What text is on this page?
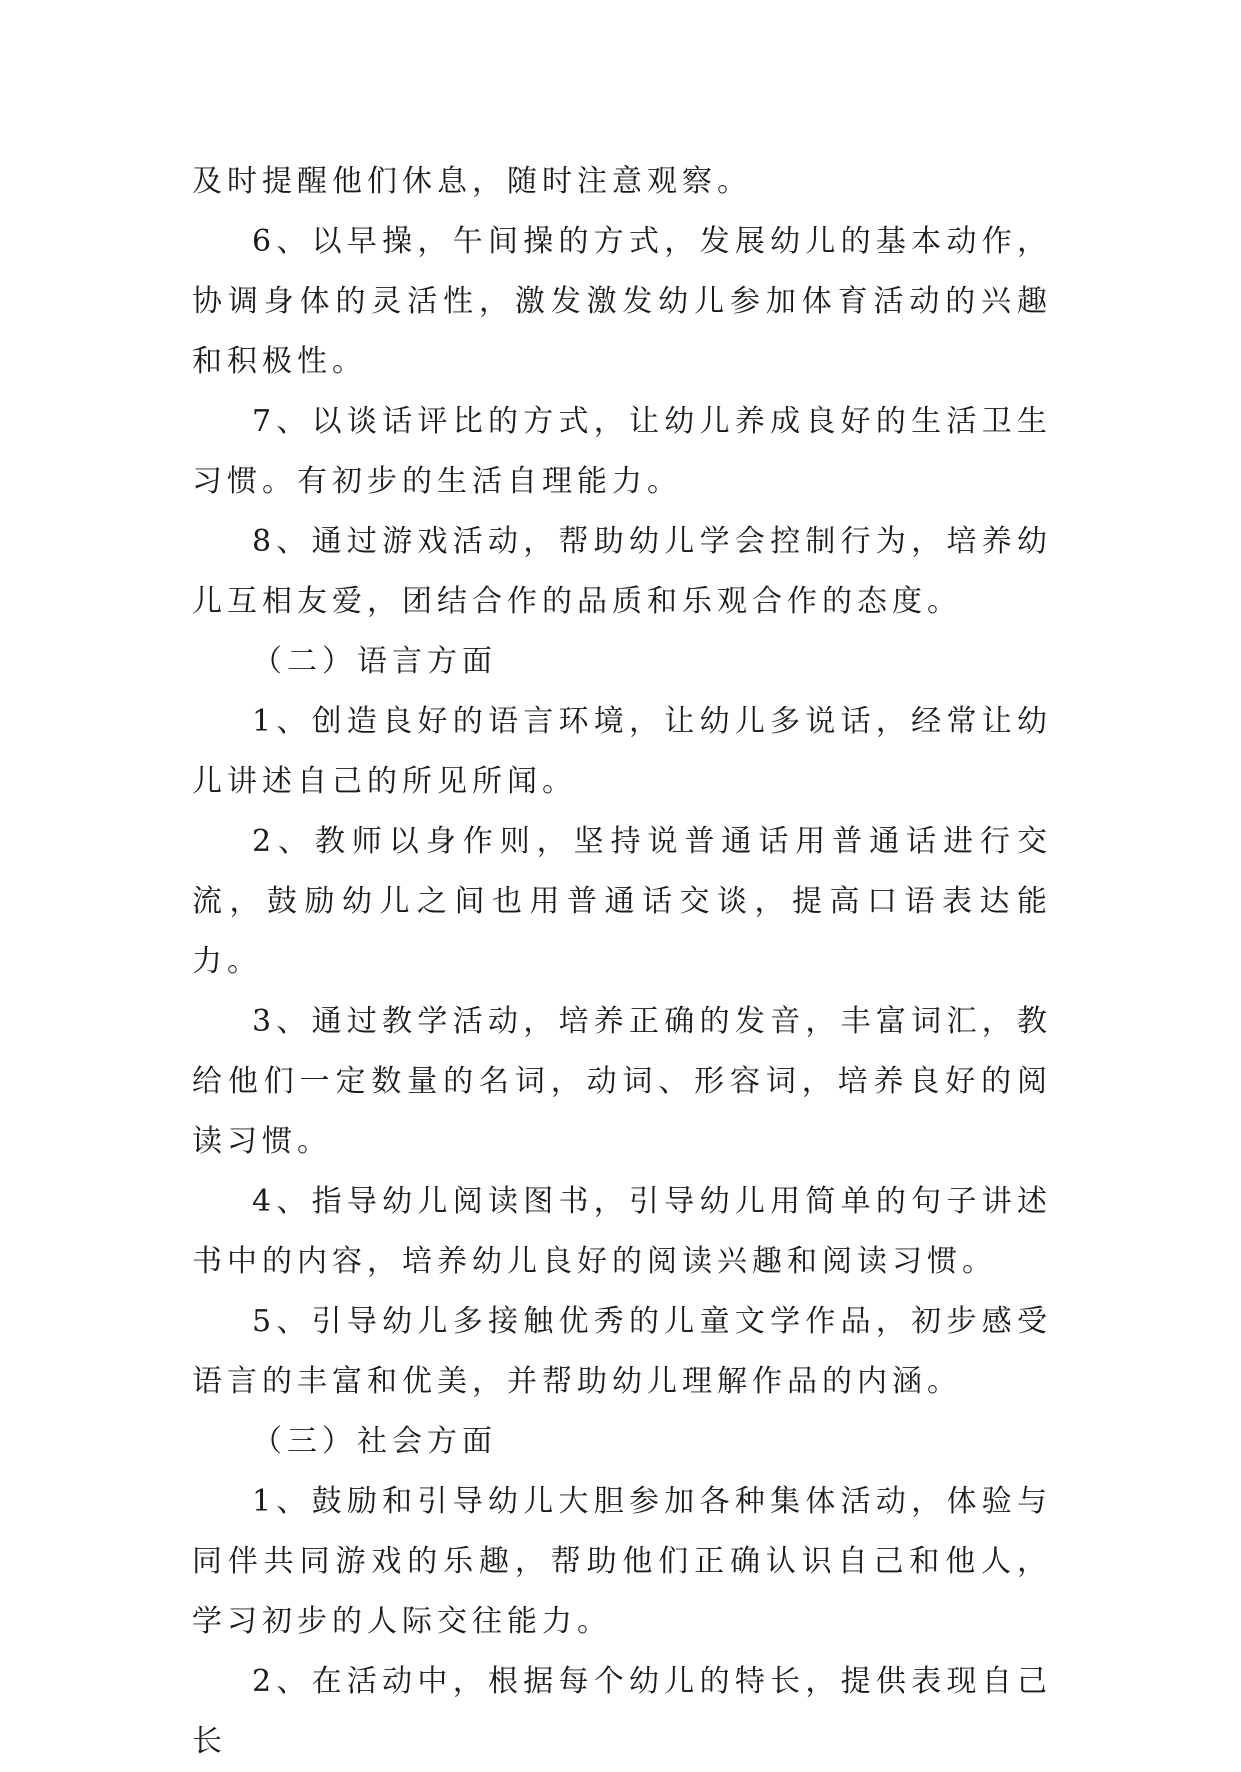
及时提醒他们休息，随时注意观察。

6、以早操，午间操的方式，发展幼儿的基本动作，协调身体的灵活性，激发激发幼儿参加体育活动的兴趣和积极性。

7、以谈话评比的方式，让幼儿养成良好的生活卫生习惯。有初步的生活自理能力。

8、通过游戏活动，帮助幼儿学会控制行为，培养幼儿互相友爱，团结合作的品质和乐观合作的态度。

（二）语言方面

1、创造良好的语言环境，让幼儿多说话，经常让幼儿讲述自己的所见所闻。

2、教师以身作则，坚持说普通话用普通话进行交流，鼓励幼儿之间也用普通话交谈，提高口语表达能力。

3、通过教学活动，培养正确的发音，丰富词汇，教给他们一定数量的名词，动词、形容词，培养良好的阅读习惯。

4、指导幼儿阅读图书，引导幼儿用简单的句子讲述书中的内容，培养幼儿良好的阅读兴趣和阅读习惯。

5、引导幼儿多接触优秀的儿童文学作品，初步感受语言的丰富和优美，并帮助幼儿理解作品的内涵。

（三）社会方面

1、鼓励和引导幼儿大胆参加各种集体活动，体验与同伴共同游戏的乐趣，帮助他们正确认识自己和他人，学习初步的人际交往能力。

2、在活动中，根据每个幼儿的特长，提供表现自己长
